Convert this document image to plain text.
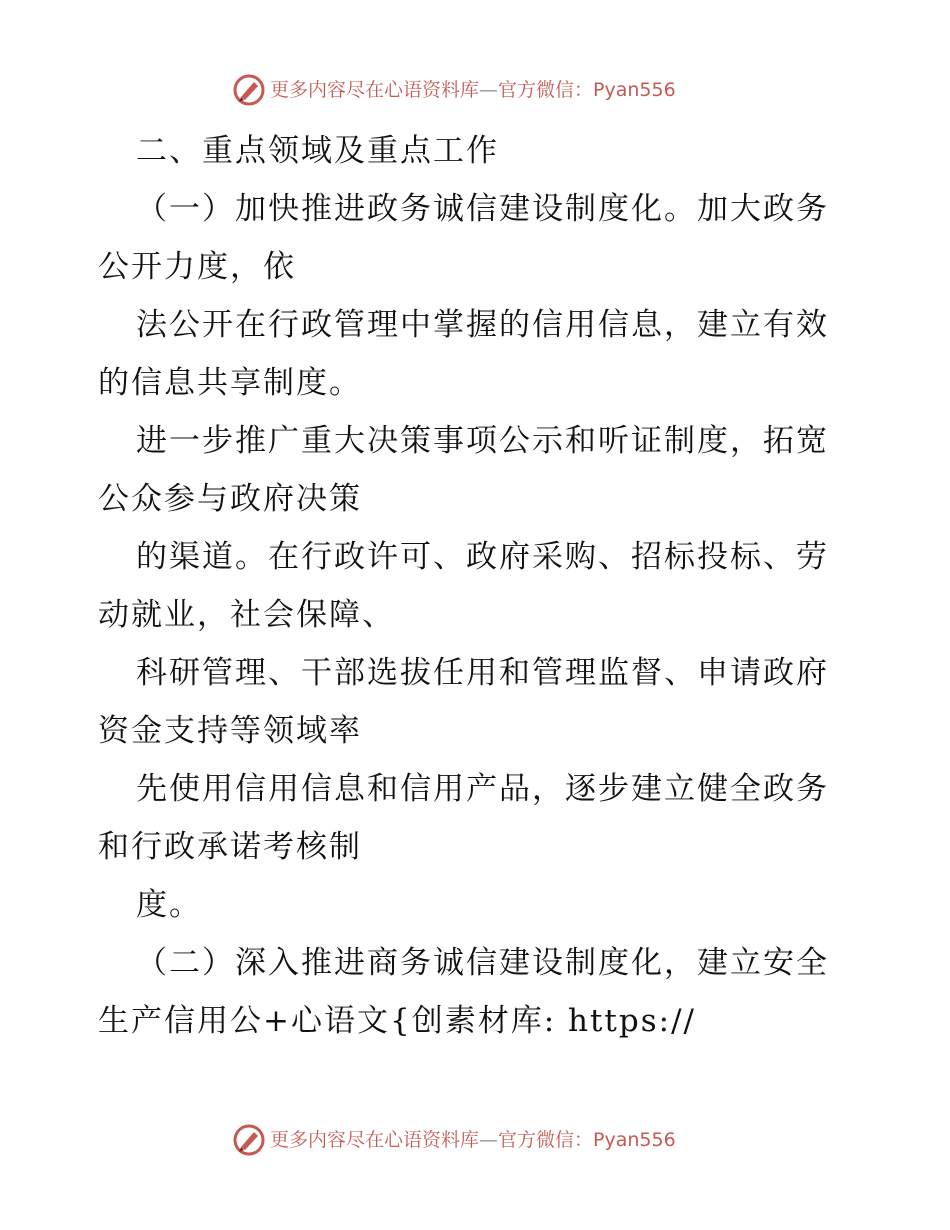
更多内容尽在心语资料库—官方微信：Pyan556

二、重点领域及重点工作

（一）加快推进政务诚信建设制度化。加大政务公开力度，依

法公开在行政管理中掌握的信用信息，建立有效的信息共享制度。

进一步推广重大决策事项公示和听证制度，拓宽公众参与政府决策

的渠道。在行政许可、政府采购、招标投标、劳动就业，社会保障、

科研管理、干部选拔任用和管理监督、申请政府资金支持等领域率

先使用信用信息和信用产品，逐步建立健全政务和行政承诺考核制

度。

（二）深入推进商务诚信建设制度化，建立安全生产信用公+心语文{创素材库: https://

更多内容尽在心语资料库—官方微信：Pyan556
